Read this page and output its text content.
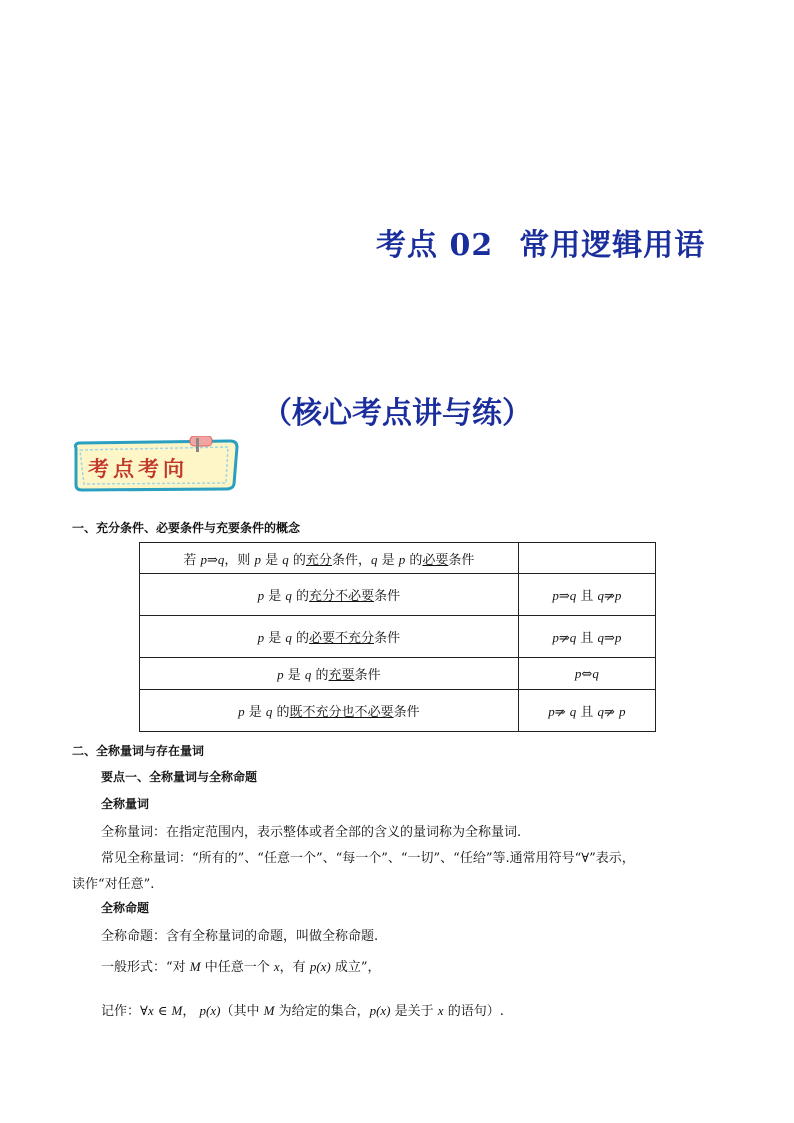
考点 02 常用逻辑用语
（核心考点讲与练）
考点考向
一、充分条件、必要条件与充要条件的概念
若 p⇒q，则 p 是 q 的充分条件，q 是 p 的必要条件	
p 是 q 的充分不必要条件	p⇒q 且 q⇒p
p 是 q 的必要不充分条件	p⇒q 且 q⇒p
p 是 q 的充要条件	p⇔q
p 是 q 的既不充分也不必要条件	p⇒ q 且 q⇒ p
二、全称量词与存在量词
要点一、全称量词与全称命题
全称量词
全称量词：在指定范围内，表示整体或者全部的含义的量词称为全称量词.
常见全称量词：“所有的”、“任意一个”、“每一个”、“一切”、“任给”等.通常用符号“∀”表示，
读作“对任意”.
全称命题
全称命题：含有全称量词的命题，叫做全称命题.
一般形式：“对 M 中任意一个 x，有 p(x) 成立”，
记作：∀x ∈ M， p(x)（其中 M 为给定的集合，p(x) 是关于 x 的语句）.
